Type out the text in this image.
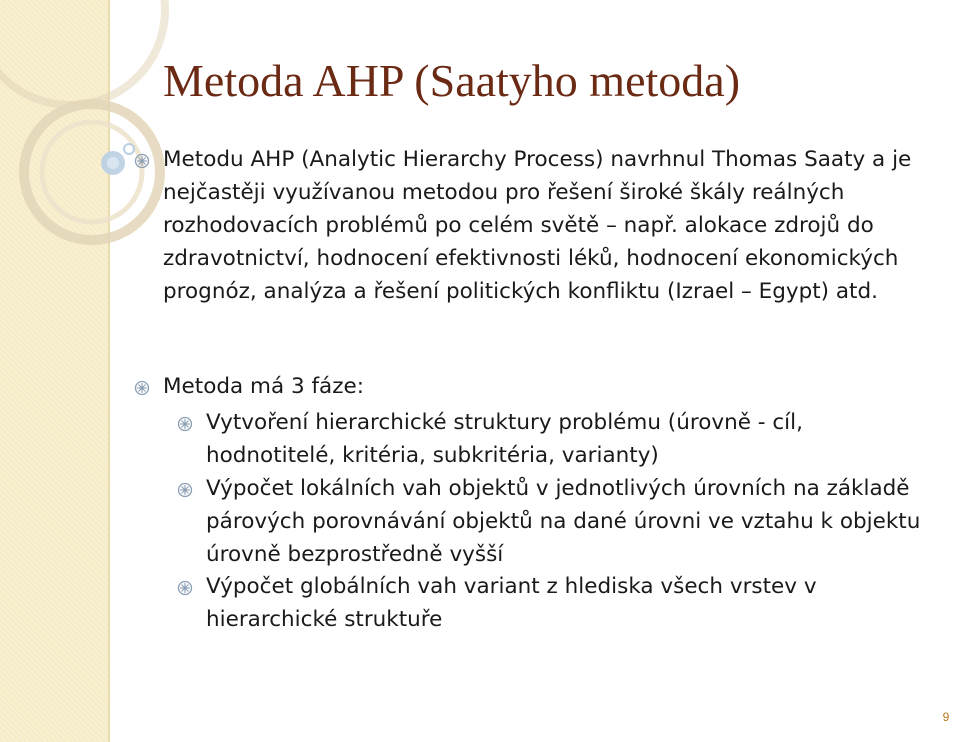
Metoda AHP (Saatyho metoda)

Metodu AHP (Analytic Hierarchy Process) navrhnul Thomas Saaty a je nejčastěji využívanou metodou pro řešení široké škály reálných rozhodovacích problémů po celém světě – např. alokace zdrojů do zdravotnictví, hodnocení efektivnosti léků, hodnocení ekonomických prognóz, analýza a řešení politických konfliktu (Izrael – Egypt) atd.

Metoda má 3 fáze:

Vytvoření hierarchické struktury problému (úrovně - cíl, hodnotitelé, kritéria, subkritéria, varianty)

Výpočet lokálních vah objektů v jednotlivých úrovních na základě párových porovnávání objektů na dané úrovni ve vztahu k objektu úrovně bezprostředně vyšší

Výpočet globálních vah variant z hlediska všech vrstev v hierarchické struktuře

9
